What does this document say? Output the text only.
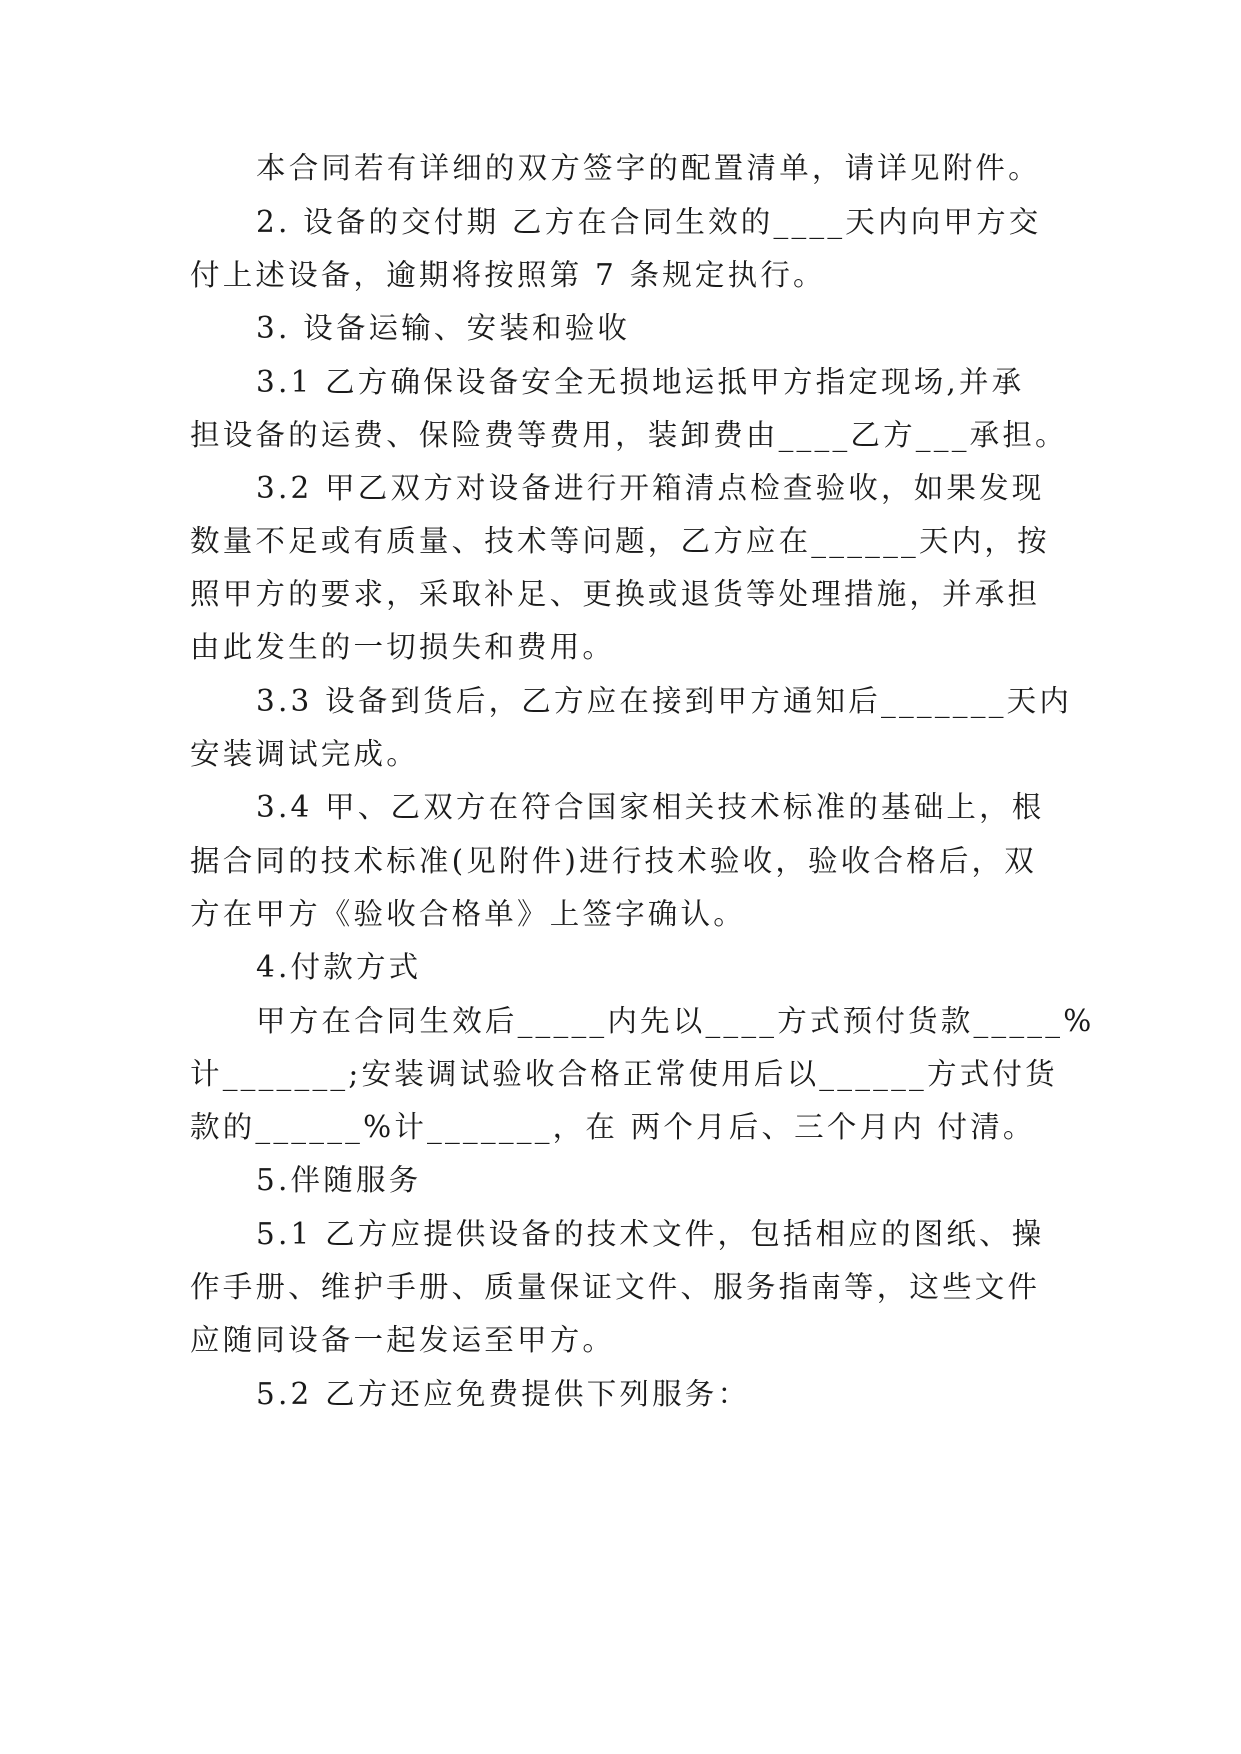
本合同若有详细的双方签字的配置清单，请详见附件。
2. 设备的交付期 乙方在合同生效的____天内向甲方交
付上述设备，逾期将按照第 7 条规定执行。
3. 设备运输、安装和验收
3.1 乙方确保设备安全无损地运抵甲方指定现场,并承
担设备的运费、保险费等费用，装卸费由____乙方___承担。
3.2 甲乙双方对设备进行开箱清点检查验收，如果发现
数量不足或有质量、技术等问题，乙方应在______天内，按
照甲方的要求，采取补足、更换或退货等处理措施，并承担
由此发生的一切损失和费用。
3.3 设备到货后，乙方应在接到甲方通知后_______天内
安装调试完成。
3.4 甲、乙双方在符合国家相关技术标准的基础上，根
据合同的技术标准(见附件)进行技术验收，验收合格后，双
方在甲方《验收合格单》上签字确认。
4.付款方式
甲方在合同生效后_____内先以____方式预付货款_____%
计_______;安装调试验收合格正常使用后以______方式付货
款的______%计_______，在 两个月后、三个月内 付清。
5.伴随服务
5.1 乙方应提供设备的技术文件，包括相应的图纸、操
作手册、维护手册、质量保证文件、服务指南等，这些文件
应随同设备一起发运至甲方。
5.2 乙方还应免费提供下列服务：
